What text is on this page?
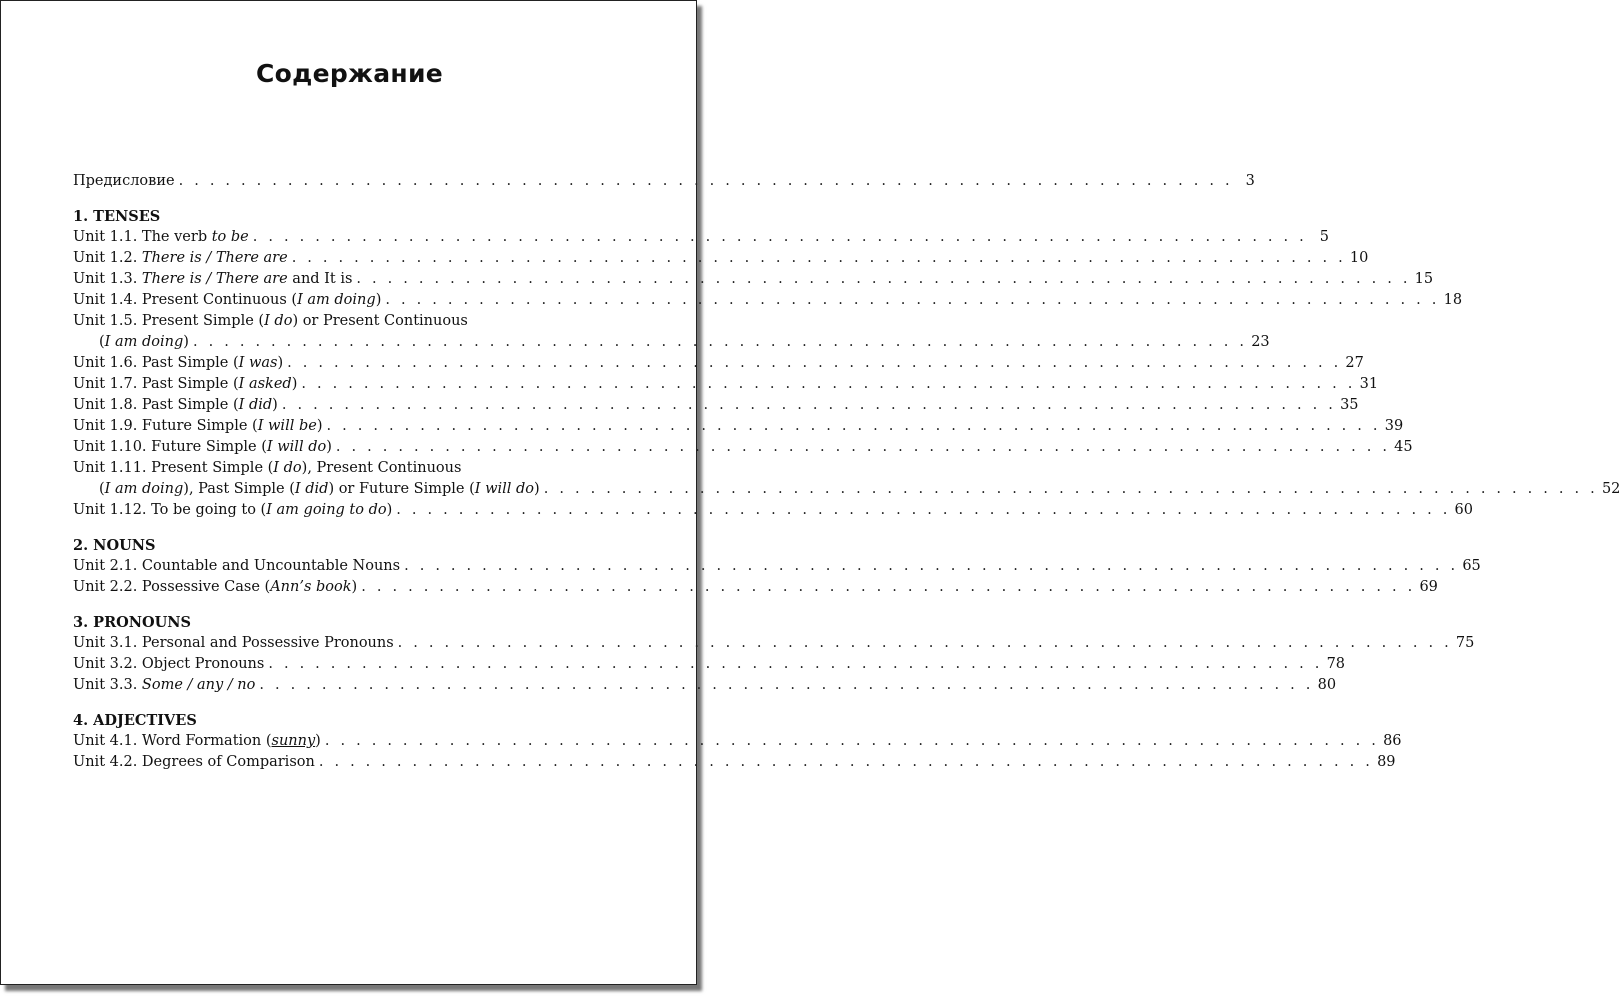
Содержание
Предисловие . . . . . . . . . . . . . . . . . . . . . . . . . . . . . . . . . . . . . . . . . . . . . . . . . . . . . . . . . . . . . . . . . . . . 3
1. TENSES
Unit 1.1. The verb to be . . . . . . . . . . . . . . . . . . . . . . . . . . . . . . . . . . . . . . . . . . . . . . . . . . . . . . . . . . . . . . . . . . . . 5
Unit 1.2. There is / There are . . . . . . . . . . . . . . . . . . . . . . . . . . . . . . . . . . . . . . . . . . . . . . . . . . . . . . . . . . . . . . . . . . . . 10
Unit 1.3. There is / There are and It is . . . . . . . . . . . . . . . . . . . . . . . . . . . . . . . . . . . . . . . . . . . . . . . . . . . . . . . . . . . . . . . . . . . . 15
Unit 1.4. Present Continuous (I am doing) . . . . . . . . . . . . . . . . . . . . . . . . . . . . . . . . . . . . . . . . . . . . . . . . . . . . . . . . . . . . . . . . . . . . 18
Unit 1.5. Present Simple (I do) or Present Continuous
(I am doing) . . . . . . . . . . . . . . . . . . . . . . . . . . . . . . . . . . . . . . . . . . . . . . . . . . . . . . . . . . . . . . . . . . . . 23
Unit 1.6. Past Simple (I was) . . . . . . . . . . . . . . . . . . . . . . . . . . . . . . . . . . . . . . . . . . . . . . . . . . . . . . . . . . . . . . . . . . . . 27
Unit 1.7. Past Simple (I asked) . . . . . . . . . . . . . . . . . . . . . . . . . . . . . . . . . . . . . . . . . . . . . . . . . . . . . . . . . . . . . . . . . . . . 31
Unit 1.8. Past Simple (I did) . . . . . . . . . . . . . . . . . . . . . . . . . . . . . . . . . . . . . . . . . . . . . . . . . . . . . . . . . . . . . . . . . . . . 35
Unit 1.9. Future Simple (I will be) . . . . . . . . . . . . . . . . . . . . . . . . . . . . . . . . . . . . . . . . . . . . . . . . . . . . . . . . . . . . . . . . . . . . 39
Unit 1.10. Future Simple (I will do) . . . . . . . . . . . . . . . . . . . . . . . . . . . . . . . . . . . . . . . . . . . . . . . . . . . . . . . . . . . . . . . . . . . . 45
Unit 1.11. Present Simple (I do), Present Continuous
(I am doing), Past Simple (I did) or Future Simple (I will do) . . . . . . . . . . . . . . . . . . . . . . . . . . . . . . . . . . . . . . . . . . . . . . . . . . . . . . . . . . . . . . . . . . . . 52
Unit 1.12. To be going to (I am going to do) . . . . . . . . . . . . . . . . . . . . . . . . . . . . . . . . . . . . . . . . . . . . . . . . . . . . . . . . . . . . . . . . . . . . 60
2. NOUNS
Unit 2.1. Countable and Uncountable Nouns . . . . . . . . . . . . . . . . . . . . . . . . . . . . . . . . . . . . . . . . . . . . . . . . . . . . . . . . . . . . . . . . . . . . 65
Unit 2.2. Possessive Case (Ann’s book) . . . . . . . . . . . . . . . . . . . . . . . . . . . . . . . . . . . . . . . . . . . . . . . . . . . . . . . . . . . . . . . . . . . . 69
3. PRONOUNS
Unit 3.1. Personal and Possessive Pronouns . . . . . . . . . . . . . . . . . . . . . . . . . . . . . . . . . . . . . . . . . . . . . . . . . . . . . . . . . . . . . . . . . . . . 75
Unit 3.2. Object Pronouns . . . . . . . . . . . . . . . . . . . . . . . . . . . . . . . . . . . . . . . . . . . . . . . . . . . . . . . . . . . . . . . . . . . . 78
Unit 3.3. Some / any / no . . . . . . . . . . . . . . . . . . . . . . . . . . . . . . . . . . . . . . . . . . . . . . . . . . . . . . . . . . . . . . . . . . . . 80
4. ADJECTIVES
Unit 4.1. Word Formation (sunny) . . . . . . . . . . . . . . . . . . . . . . . . . . . . . . . . . . . . . . . . . . . . . . . . . . . . . . . . . . . . . . . . . . . . 86
Unit 4.2. Degrees of Comparison . . . . . . . . . . . . . . . . . . . . . . . . . . . . . . . . . . . . . . . . . . . . . . . . . . . . . . . . . . . . . . . . . . . . 89
